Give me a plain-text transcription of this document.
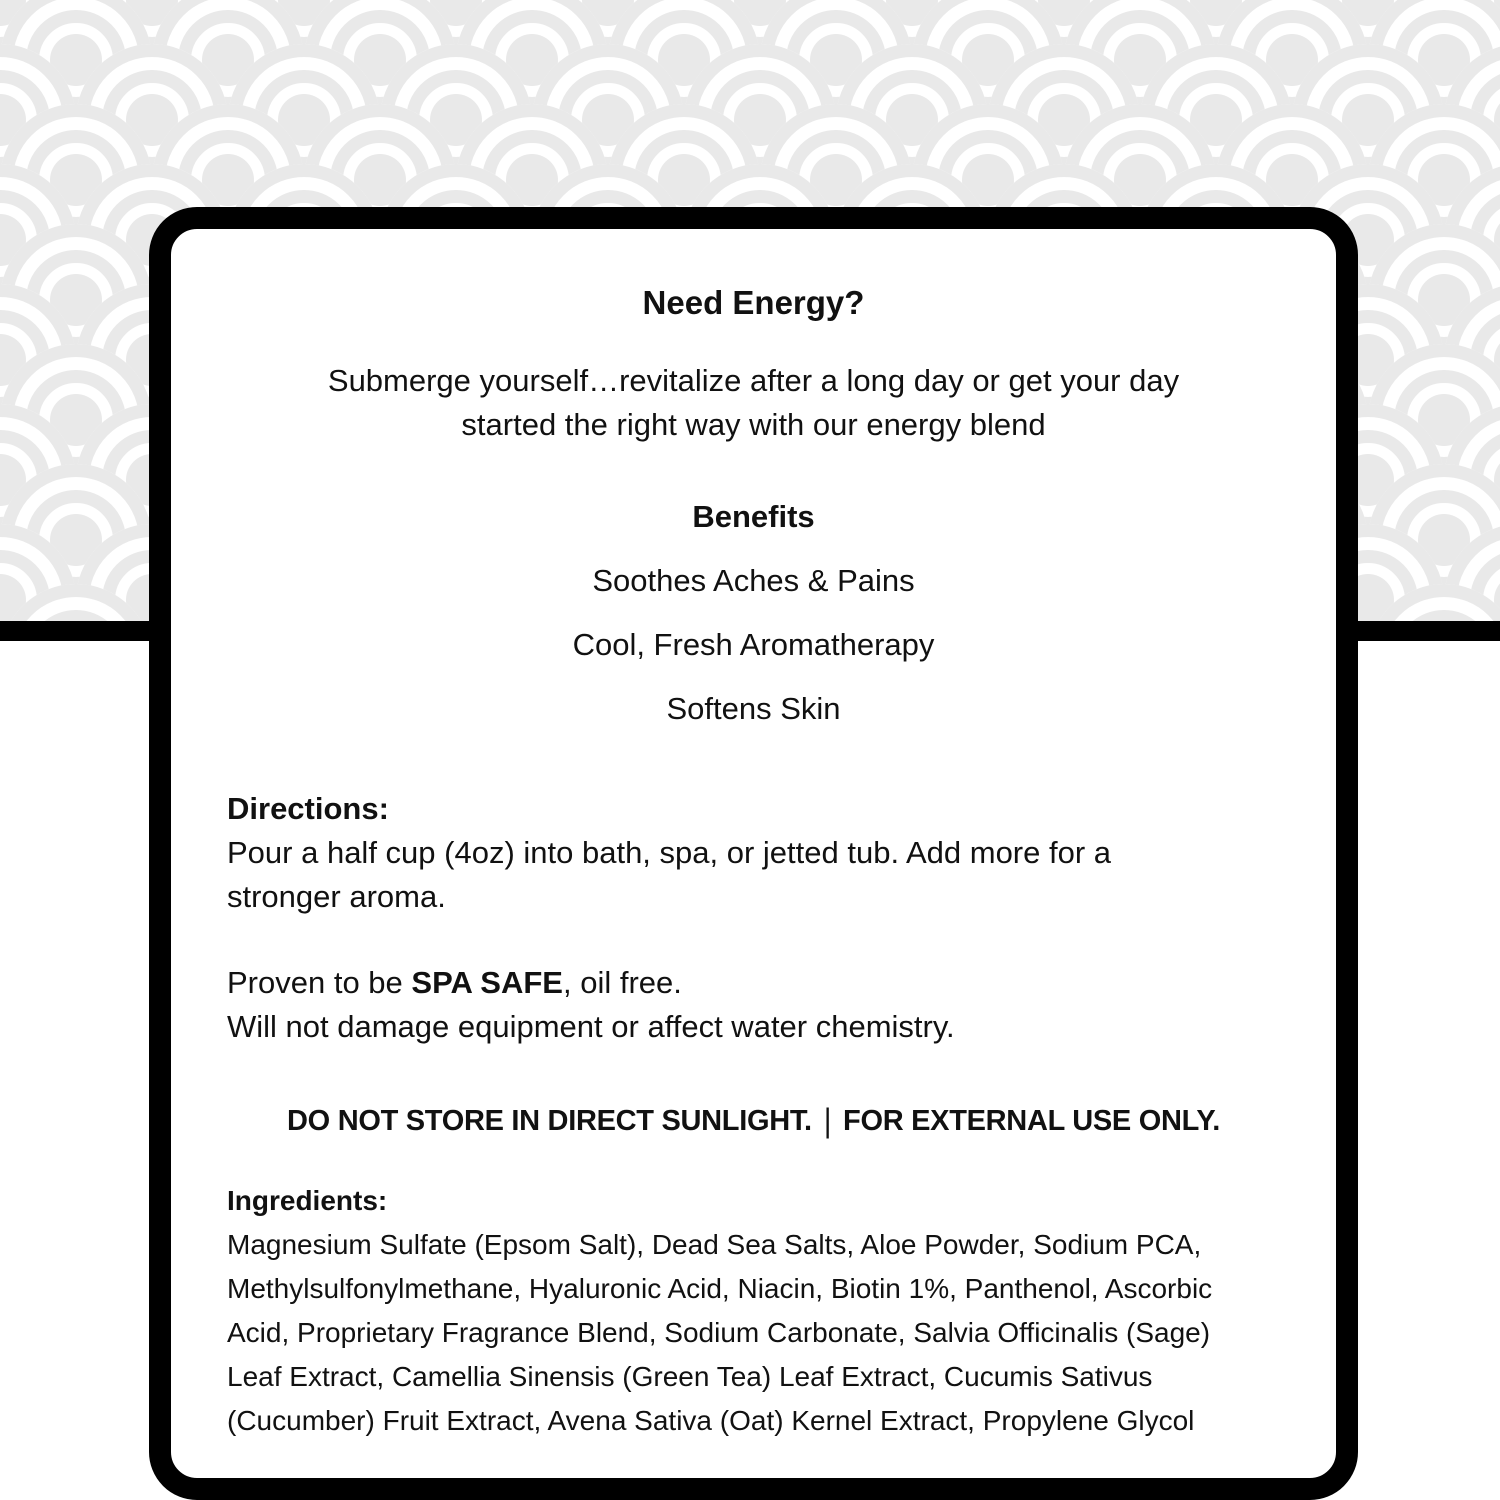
Need Energy?

Submerge yourself…revitalize after a long day or get your day
started the right way with our energy blend

Benefits

Soothes Aches & Pains

Cool, Fresh Aromatherapy

Softens Skin

Directions:
Pour a half cup (4oz) into bath, spa, or jetted tub. Add more for a
stronger aroma.
Proven to be SPA SAFE, oil free.
Will not damage equipment or affect water chemistry.

DO NOT STORE IN DIRECT SUNLIGHT. | FOR EXTERNAL USE ONLY.

Ingredients:
Magnesium Sulfate (Epsom Salt), Dead Sea Salts, Aloe Powder, Sodium PCA,
Methylsulfonylmethane, Hyaluronic Acid, Niacin, Biotin 1%, Panthenol, Ascorbic
Acid, Proprietary Fragrance Blend, Sodium Carbonate, Salvia Officinalis (Sage)
Leaf Extract, Camellia Sinensis (Green Tea) Leaf Extract, Cucumis Sativus
(Cucumber) Fruit Extract, Avena Sativa (Oat) Kernel Extract, Propylene Glycol
